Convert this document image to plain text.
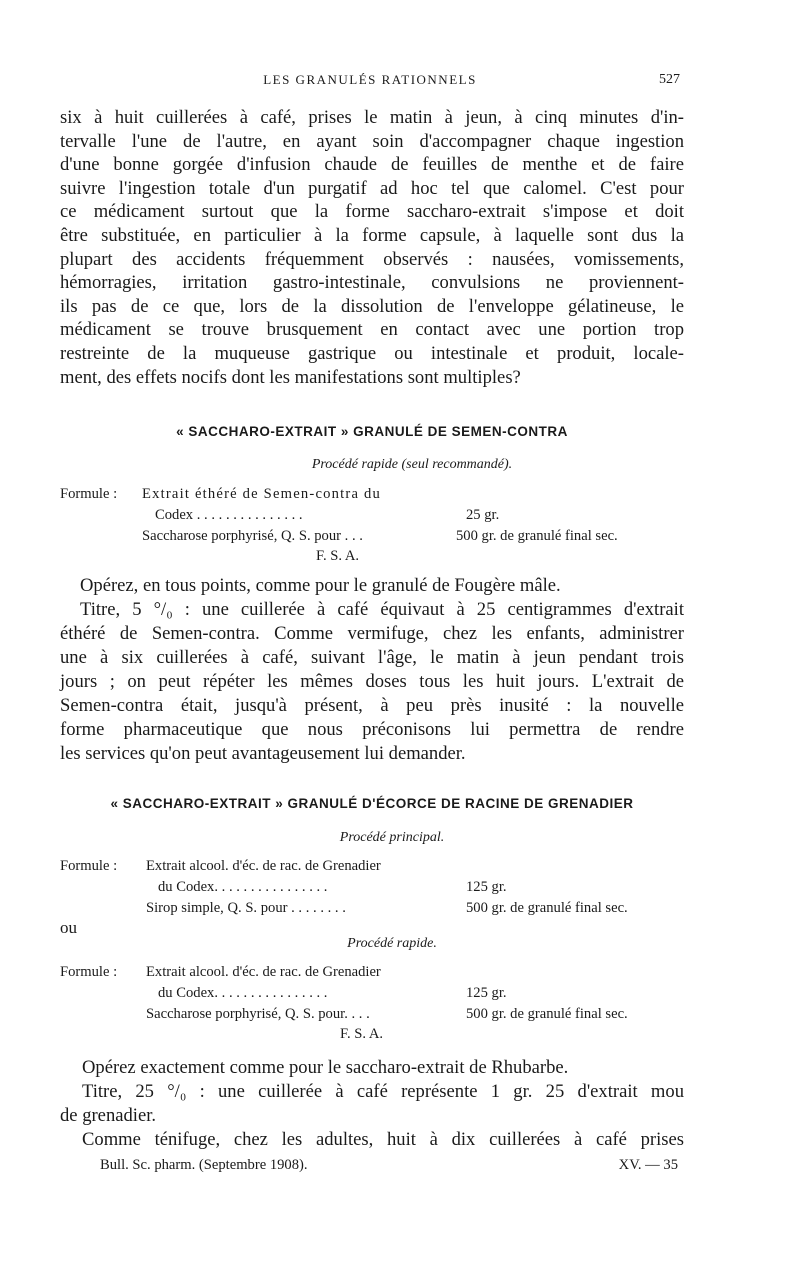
LES GRANULÉS RATIONNELS	527
six à huit cuillerées à café, prises le matin à jeun, à cinq minutes d'in-
tervalle l'une de l'autre, en ayant soin d'accompagner chaque ingestion
d'une bonne gorgée d'infusion chaude de feuilles de menthe et de faire
suivre l'ingestion totale d'un purgatif ad hoc tel que calomel. C'est pour
ce médicament surtout que la forme saccharo-extrait s'impose et doit
être substituée, en particulier à la forme capsule, à laquelle sont dus la
plupart des accidents fréquemment observés : nausées, vomissements,
hémorragies, irritation gastro-intestinale, convulsions ne proviennent-
ils pas de ce que, lors de la dissolution de l'enveloppe gélatineuse, le
médicament se trouve brusquement en contact avec une portion trop
restreinte de la muqueuse gastrique ou intestinale et produit, locale-
ment, des effets nocifs dont les manifestations sont multiples?
« SACCHARO-EXTRAIT » GRANULÉ DE SEMEN-CONTRA
Procédé rapide (seul recommandé).
Formule : Extrait éthéré de Semen-contra du
Codex . . . . . . . . . . . . . . .	25 gr.
Saccharose porphyrisé, Q. S. pour . . .	500 gr. de granulé final sec.
F. S. A.
Opérez, en tous points, comme pour le granulé de Fougère mâle.
Titre, 5 °/₀ : une cuillerée à café équivaut à 25 centigrammes d'extrait
éthéré de Semen-contra. Comme vermifuge, chez les enfants, administrer
une à six cuillerées à café, suivant l'âge, le matin à jeun pendant trois
jours ; on peut répéter les mêmes doses tous les huit jours. L'extrait de
Semen-contra était, jusqu'à présent, à peu près inusité : la nouvelle
forme pharmaceutique que nous préconisons lui permettra de rendre
les services qu'on peut avantageusement lui demander.
« SACCHARO-EXTRAIT » GRANULÉ D'ÉCORCE DE RACINE DE GRENADIER
Procédé principal.
Formule : Extrait alcool. d'éc. de rac. de Grenadier
du Codex. . . . . . . . . . . . . . . .	125 gr.
Sirop simple, Q. S. pour . . . . . . . .	500 gr. de granulé final sec.
ou
Procédé rapide.
Formule : Extrait alcool. d'éc. de rac. de Grenadier
du Codex. . . . . . . . . . . . . . . .	125 gr.
Saccharose porphyrisé, Q. S. pour. . . .	500 gr. de granulé final sec.
F. S. A.
Opérez exactement comme pour le saccharo-extrait de Rhubarbe.
Titre, 25 °/₀ : une cuillerée à café représente 1 gr. 25 d'extrait mou
de grenadier.
Comme ténifuge, chez les adultes, huit à dix cuillerées à café prises
Bull. Sc. pharm. (Septembre 1908).	XV. — 35
